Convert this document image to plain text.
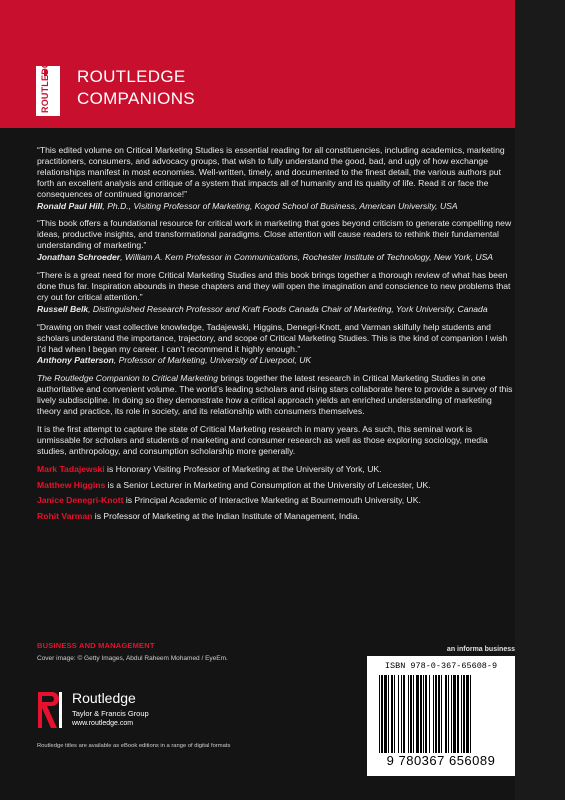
ROUTLEDGE ROUTLEDGE
COMPANIONS

“This edited volume on Critical Marketing Studies is essential reading for all constituencies, including academics, marketing practitioners, consumers, and advocacy groups, that wish to fully understand the good, bad, and ugly of how exchange relationships manifest in most economies. Well-written, timely, and documented to the finest detail, the various authors put forth an excellent analysis and critique of a system that impacts all of humanity and its quality of life. Read it or face the consequences of continued ignorance!”

Ronald Paul Hill, Ph.D., Visiting Professor of Marketing, Kogod School of Business, American University, USA

“This book offers a foundational resource for critical work in marketing that goes beyond criticism to generate compelling new ideas, productive insights, and transformational paradigms. Close attention will cause readers to rethink their fundamental understanding of marketing.”

Jonathan Schroeder, William A. Kern Professor in Communications, Rochester Institute of Technology, New York, USA

“There is a great need for more Critical Marketing Studies and this book brings together a thorough review of what has been done thus far. Inspiration abounds in these chapters and they will open the imagination and conscience to new problems that cry out for critical attention.”

Russell Belk, Distinguished Research Professor and Kraft Foods Canada Chair of Marketing, York University, Canada

“Drawing on their vast collective knowledge, Tadajewski, Higgins, Denegri-Knott, and Varman skilfully help students and scholars understand the importance, trajectory, and scope of Critical Marketing Studies. This is the kind of companion I wish I’d had when I began my career. I can’t recommend it highly enough.”

Anthony Patterson, Professor of Marketing, University of Liverpool, UK

The Routledge Companion to Critical Marketing brings together the latest research in Critical Marketing Studies in one authoritative and convenient volume. The world’s leading scholars and rising stars collaborate here to provide a survey of this lively subdiscipline. In doing so they demonstrate how a critical approach yields an enriched understanding of marketing theory and practice, its role in society, and its relationship with consumers themselves.

It is the first attempt to capture the state of Critical Marketing research in many years. As such, this seminal work is unmissable for scholars and students of marketing and consumer research as well as those exploring sociology, media studies, anthropology, and consumption scholarship more generally.

Mark Tadajewski is Honorary Visiting Professor of Marketing at the University of York, UK.

Matthew Higgins is a Senior Lecturer in Marketing and Consumption at the University of Leicester, UK.

Janice Denegri-Knott is Principal Academic of Interactive Marketing at Bournemouth University, UK.

Rohit Varman is Professor of Marketing at the Indian Institute of Management, India.

BUSINESS AND MANAGEMENT
Cover image: © Getty Images, Abdul Raheem Mohamed / EyeEm.
an informa business
Routledge
Taylor & Francis Group
www.routledge.com
Routledge titles are available as eBook editions in a range of digital formats
ISBN 978-0-367-65608-9
9 780367 656089
